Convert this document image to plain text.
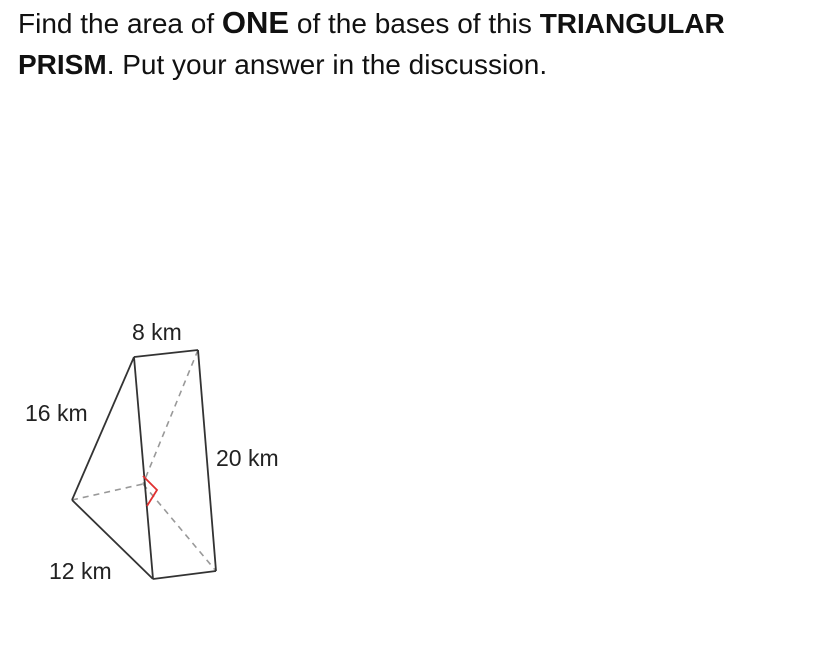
Find the area of ONE of the bases of this TRIANGULAR PRISM. Put your answer in the discussion.

8 km
16 km
12 km
20 km
